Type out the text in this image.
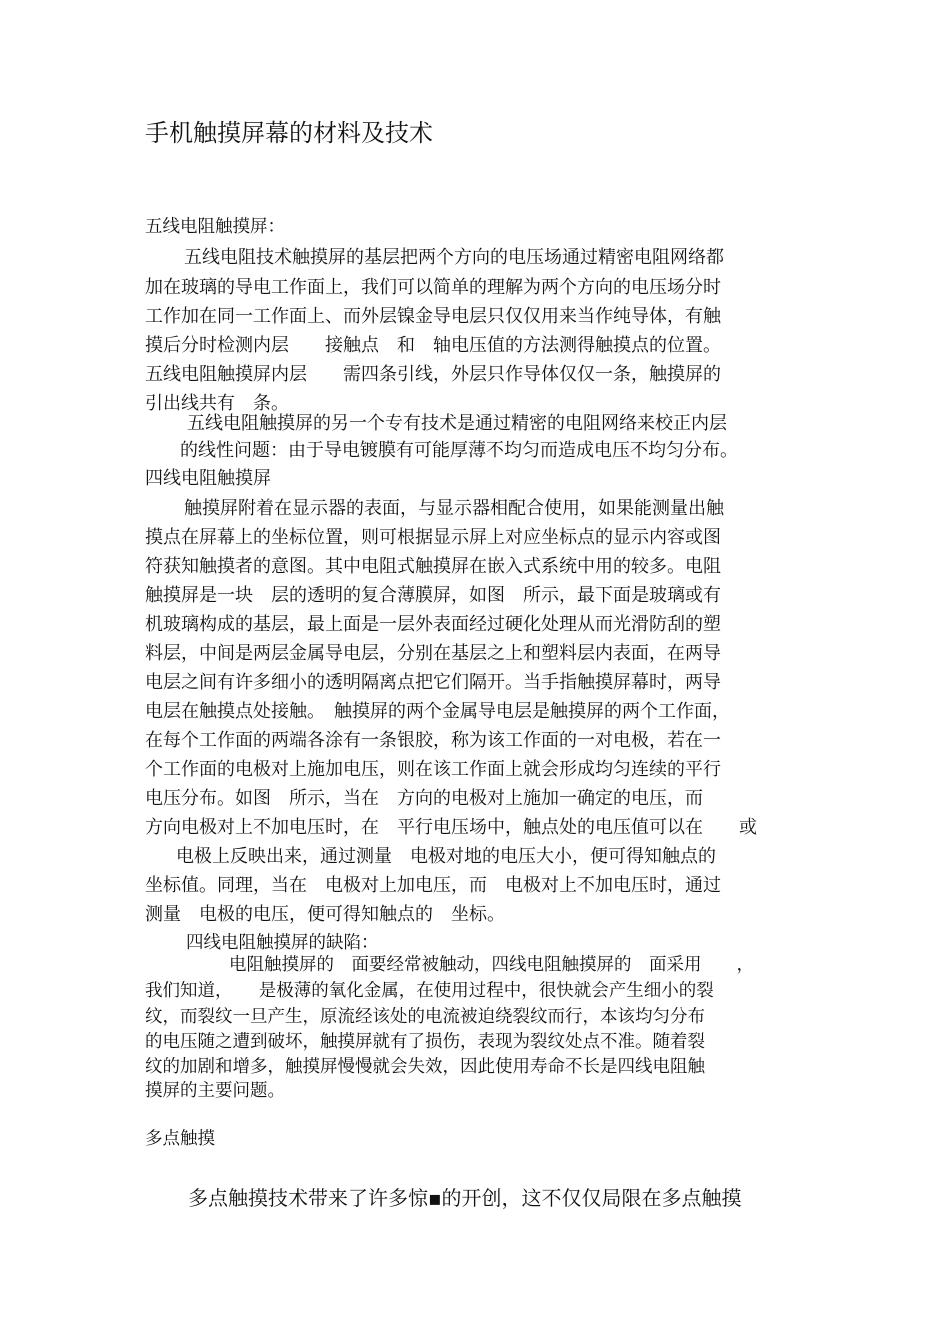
手机触摸屏幕的材料及技术
五线电阻触摸屏：
五线电阻技术触摸屏的基层把两个方向的电压场通过精密电阻网络都
加在玻璃的导电工作面上，我们可以简单的理解为两个方向的电压场分时
工作加在同一工作面上、而外层镍金导电层只仅仅用来当作纯导体，有触
摸后分时检测内层　　接触点　和　轴电压值的方法测得触摸点的位置。
五线电阻触摸屏内层　　需四条引线，外层只作导体仅仅一条，触摸屏的
引出线共有　条。
五线电阻触摸屏的另一个专有技术是通过精密的电阻网络来校正内层
的线性问题：由于导电镀膜有可能厚薄不均匀而造成电压不均匀分布。
四线电阻触摸屏
触摸屏附着在显示器的表面，与显示器相配合使用，如果能测量出触
摸点在屏幕上的坐标位置，则可根据显示屏上对应坐标点的显示内容或图
符获知触摸者的意图。其中电阻式触摸屏在嵌入式系统中用的较多。电阻
触摸屏是一块　层的透明的复合薄膜屏，如图　所示，最下面是玻璃或有
机玻璃构成的基层，最上面是一层外表面经过硬化处理从而光滑防刮的塑
料层，中间是两层金属导电层，分别在基层之上和塑料层内表面，在两导
电层之间有许多细小的透明隔离点把它们隔开。当手指触摸屏幕时，两导
电层在触摸点处接触。　触摸屏的两个金属导电层是触摸屏的两个工作面，
在每个工作面的两端各涂有一条银胶，称为该工作面的一对电极，若在一
个工作面的电极对上施加电压，则在该工作面上就会形成均匀连续的平行
电压分布。如图　所示，当在　方向的电极对上施加一确定的电压，而
方向电极对上不加电压时，在　平行电压场中，触点处的电压值可以在　　或
电极上反映出来，通过测量　电极对地的电压大小，便可得知触点的
坐标值。同理，当在　电极对上加电压，而　电极对上不加电压时，通过
测量　电极的电压，便可得知触点的　坐标。
四线电阻触摸屏的缺陷：
电阻触摸屏的　面要经常被触动，四线电阻触摸屏的　面采用　　，
我们知道，　　是极薄的氧化金属，在使用过程中，很快就会产生细小的裂
纹，而裂纹一旦产生，原流经该处的电流被迫绕裂纹而行，本该均匀分布
的电压随之遭到破坏，触摸屏就有了损伤，表现为裂纹处点不准。随着裂
纹的加剧和增多，触摸屏慢慢就会失效，因此使用寿命不长是四线电阻触
摸屏的主要问题。
多点触摸
多点触摸技术带来了许多惊▪的开创，这不仅仅局限在多点触摸
